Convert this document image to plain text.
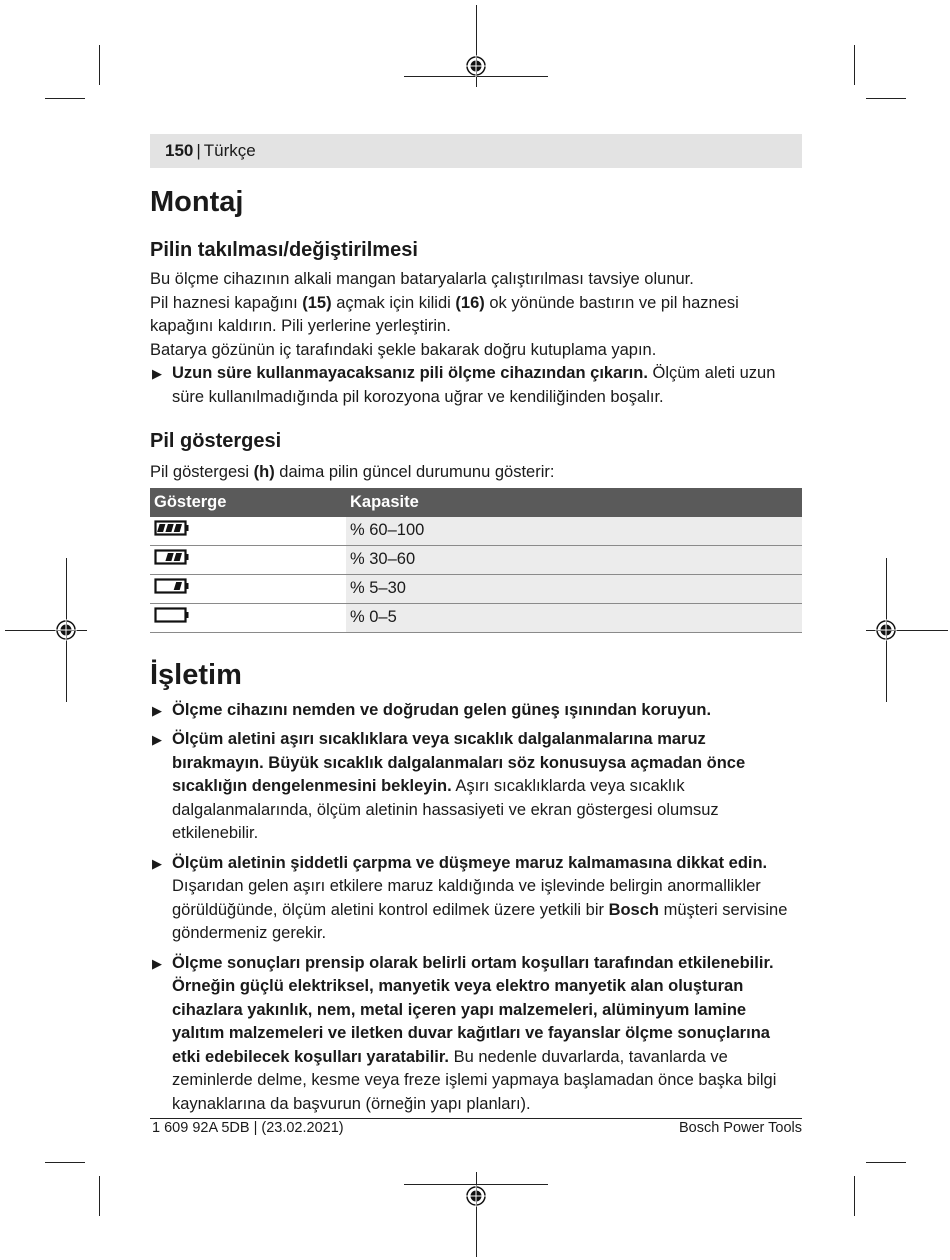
150 | Türkçe
Montaj
Pilin takılması/değiştirilmesi

Bu ölçme cihazının alkali mangan bataryalarla çalıştırılması tavsiye olunur.

Pil haznesi kapağını (15) açmak için kilidi (16) ok yönünde bastırın ve pil haznesi kapağını kaldırın. Pili yerlerine yerleştirin.

Batarya gözünün iç tarafındaki şekle bakarak doğru kutuplama yapın.

▶ Uzun süre kullanmayacaksanız pili ölçme cihazından çıkarın. Ölçüm aleti uzun süre kullanılmadığında pil korozyona uğrar ve kendiliğinden boşalır.
Pil göstergesi

Pil göstergesi (h) daima pilin güncel durumunu gösterir:

Gösterge	Kapasite
	% 60–100
	% 30–60
	% 5–30
	% 0–5
İşletim
▶ Ölçme cihazını nemden ve doğrudan gelen güneş ışınından koruyun.
▶ Ölçüm aletini aşırı sıcaklıklara veya sıcaklık dalgalanmalarına maruz bırakmayın. Büyük sıcaklık dalgalanmaları söz konusuysa açmadan önce sıcaklığın dengelenmesini bekleyin. Aşırı sıcaklıklarda veya sıcaklık dalgalanmalarında, ölçüm aletinin hassasiyeti ve ekran göstergesi olumsuz etkilenebilir.
▶ Ölçüm aletinin şiddetli çarpma ve düşmeye maruz kalmamasına dikkat edin. Dışarıdan gelen aşırı etkilere maruz kaldığında ve işlevinde belirgin anormallikler görüldüğünde, ölçüm aletini kontrol edilmek üzere yetkili bir Bosch müşteri servisine göndermeniz gerekir.
▶ Ölçme sonuçları prensip olarak belirli ortam koşulları tarafından etkilenebilir. Örneğin güçlü elektriksel, manyetik veya elektro manyetik alan oluşturan cihazlara yakınlık, nem, metal içeren yapı malzemeleri, alüminyum lamine yalıtım malzemeleri ve iletken duvar kağıtları ve fayanslar ölçme sonuçlarına etki edebilecek koşulları yaratabilir. Bu nedenle duvarlarda, tavanlarda ve zeminlerde delme, kesme veya freze işlemi yapmaya başlamadan önce başka bilgi kaynaklarına da başvurun (örneğin yapı planları).
1 609 92A 5DB | (23.02.2021)	Bosch Power Tools
